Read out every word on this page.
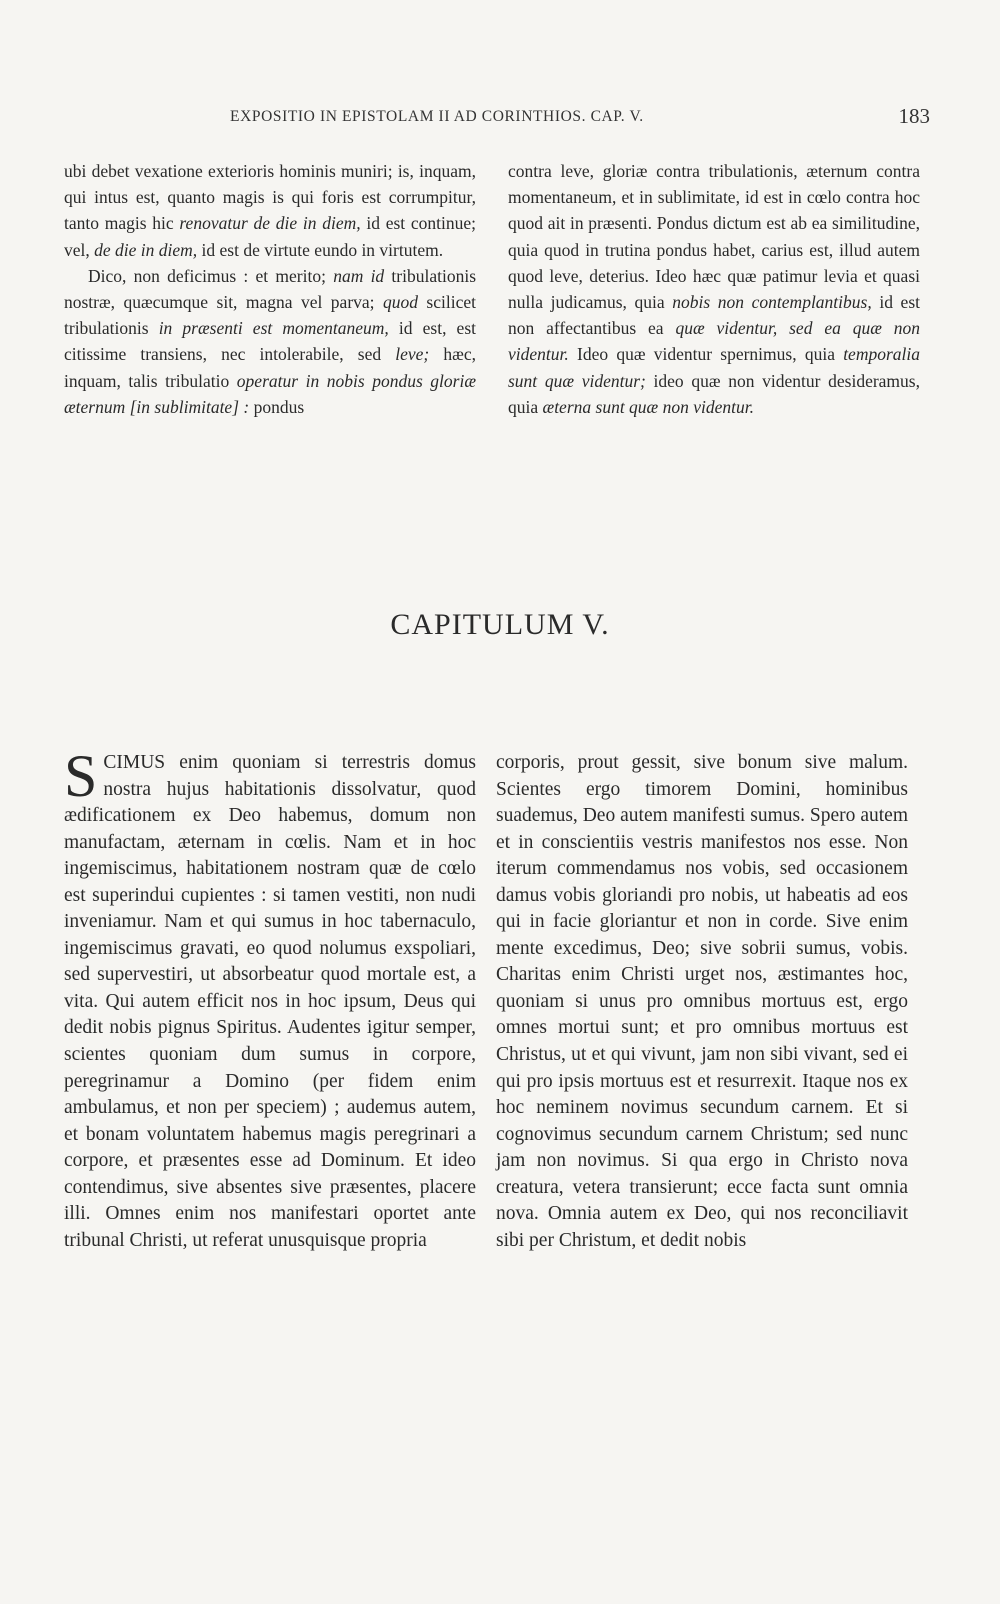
EXPOSITIO IN EPISTOLAM II AD CORINTHIOS. CAP. V.	183

ubi debet vexatione exterioris hominis muniri; is, inquam, qui intus est, quanto magis is qui foris est corrumpitur, tanto magis hic renovatur de die in diem, id est continue; vel, de die in diem, id est de virtute eundo in virtutem.

Dico, non deficimus : et merito; nam id tribulationis nostræ, quæcumque sit, magna vel parva; quod scilicet tribulationis in præsenti est momentaneum, id est, est citissime transiens, nec intolerabile, sed leve; hæc, inquam, talis tribulatio operatur in nobis pondus gloriæ æternum [in sublimitate] : pondus

contra leve, gloriæ contra tribulationis, æternum contra momentaneum, et in sublimitate, id est in cœlo contra hoc quod ait in præsenti. Pondus dictum est ab ea similitudine, quia quod in trutina pondus habet, carius est, illud autem quod leve, deterius. Ideo hæc quæ patimur levia et quasi nulla judicamus, quia nobis non contemplantibus, id est non affectantibus ea quæ videntur, sed ea quæ non videntur. Ideo quæ videntur spernimus, quia temporalia sunt quæ videntur; ideo quæ non videntur desideramus, quia æterna sunt quæ non videntur.

CAPITULUM V.

SCIMUS enim quoniam si terrestris domus nostra hujus habitationis dissolvatur, quod ædificationem ex Deo habemus, domum non manufactam, æternam in cœlis. Nam et in hoc ingemiscimus, habitationem nostram quæ de cœlo est superindui cupientes : si tamen vestiti, non nudi inveniamur. Nam et qui sumus in hoc tabernaculo, ingemiscimus gravati, eo quod nolumus exspoliari, sed supervestiri, ut absorbeatur quod mortale est, a vita. Qui autem efficit nos in hoc ipsum, Deus qui dedit nobis pignus Spiritus. Audentes igitur semper, scientes quoniam dum sumus in corpore, peregrinamur a Domino (per fidem enim ambulamus, et non per speciem) ; audemus autem, et bonam voluntatem habemus magis peregrinari a corpore, et præsentes esse ad Dominum. Et ideo contendimus, sive absentes sive præsentes, placere illi. Omnes enim nos manifestari oportet ante tribunal Christi, ut referat unusquisque propria

corporis, prout gessit, sive bonum sive malum. Scientes ergo timorem Domini, hominibus suademus, Deo autem manifesti sumus. Spero autem et in conscientiis vestris manifestos nos esse. Non iterum commendamus nos vobis, sed occasionem damus vobis gloriandi pro nobis, ut habeatis ad eos qui in facie gloriantur et non in corde. Sive enim mente excedimus, Deo; sive sobrii sumus, vobis. Charitas enim Christi urget nos, æstimantes hoc, quoniam si unus pro omnibus mortuus est, ergo omnes mortui sunt; et pro omnibus mortuus est Christus, ut et qui vivunt, jam non sibi vivant, sed ei qui pro ipsis mortuus est et resurrexit. Itaque nos ex hoc neminem novimus secundum carnem. Et si cognovimus secundum carnem Christum; sed nunc jam non novimus. Si qua ergo in Christo nova creatura, vetera transierunt; ecce facta sunt omnia nova. Omnia autem ex Deo, qui nos reconciliavit sibi per Christum, et dedit nobis
